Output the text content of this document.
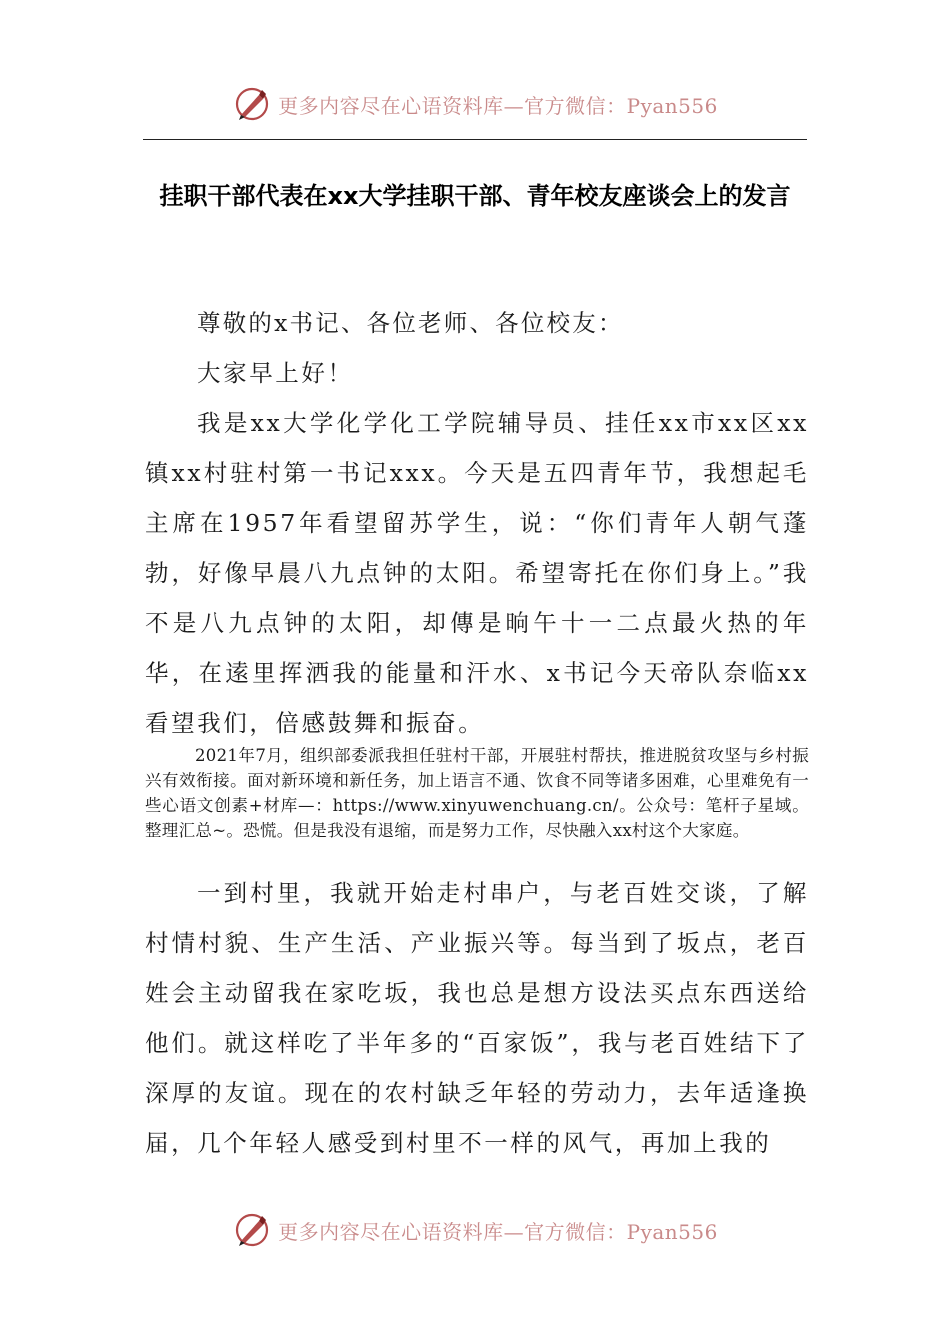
更多内容尽在心语资料库—官方微信：Pyan556
挂职干部代表在xx大学挂职干部、青年校友座谈会上的发言

尊敬的x书记、各位老师、各位校友：

大家早上好！

我是xx大学化学化工学院辅导员、挂任xx市xx区xx镇xx村驻村第一书记xxx。今天是五四青年节，我想起毛主席在1957年看望留苏学生，说：“你们青年人朝气蓬勃，好像早晨八九点钟的太阳。希望寄托在你们身上。”我不是八九点钟的太阳，却傳是晌午十一二点最火热的年华，在逺里挥洒我的能量和汗水、x书记今天帝队奈临xx看望我们，倍感鼓舞和振奋。

2021年7月，组织部委派我担任驻村干部，开展驻村帮扶，推进脱贫攻坚与乡村振兴有效衔接。面对新环境和新任务，加上语言不通、饮食不同等诸多困难，心里难免有一些心语文创素+材库—：https://www.xinyuwenchuang.cn/。公众号：笔杆子星域。整理汇总~。恐慌。但是我没有退缩，而是努力工作，尽快融入xx村这个大家庭。

一到村里，我就开始走村串户，与老百姓交谈，了解村情村貌、生产生活、产业振兴等。每当到了坂点，老百姓会主动留我在家吃坂，我也总是想方设法买点东西送给他们。就这样吃了半年多的“百家饭”，我与老百姓结下了深厚的友谊。现在的农村缺乏年轻的劳动力，去年适逢换届，几个年轻人感受到村里不一样的风气，再加上我的

更多内容尽在心语资料库—官方微信：Pyan556
